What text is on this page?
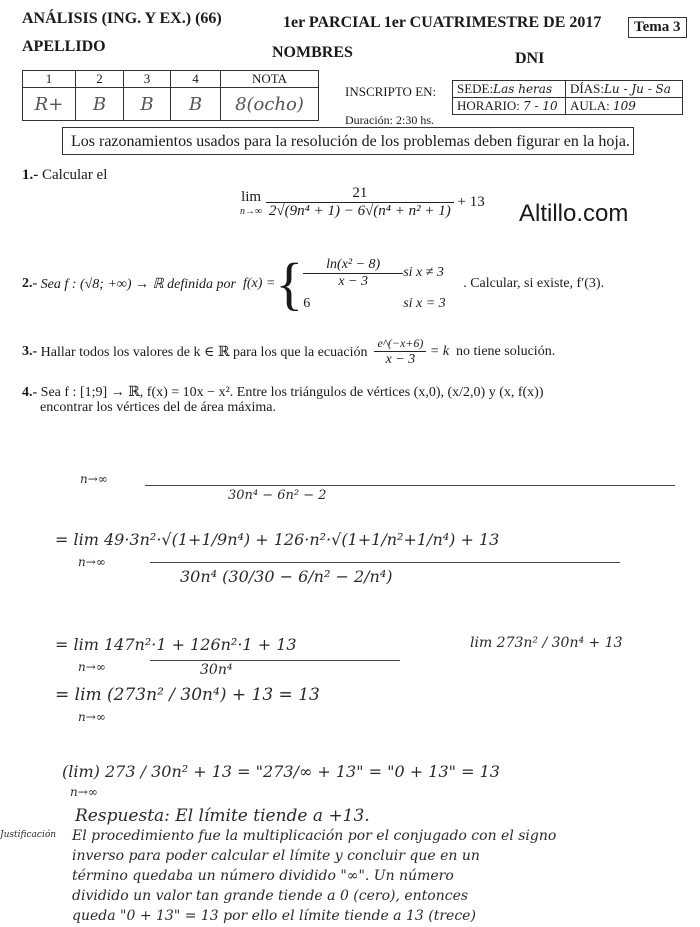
ANÁLISIS (ING. Y EX.) (66)	1er PARCIAL 1er CUATRIMESTRE DE 2017	Tema 3
APELLIDO	NOMBRES	DNI
1	2	3	4	NOTA
R+	B	B	B	8(ocho)
INSCRIPTO EN: SEDE:Las heras	DÍAS:Lu - Ju - Sa
HORARIO: 7 - 10	AULA: 109
Duración: 2:30 hs.
Los razonamientos usados para la resolución de los problemas deben figurar en la hoja.
1.- Calcular el
lim
n→∞
$\frac{21}{\text{2√(9n⁴ + 1) − 6√(n⁴ + n² + 1)}} + 13$ Altillo.com
2.-
Sea f : (√8; +∞) → ℝ definida por
f(x) = { $\frac{\text{ln(x² − 8)}}{x - 3}$ si x ≠ 3
6	si x = 3
. Calcular, si existe, f′(3).
3.-
Hallar todos los valores de k ∈ ℝ para los que la ecuación
$\frac{e\^{}(-x+6)}{x - 3}$
= k
no tiene solución.
4.- Sea f : [1;9] → ℝ, f(x) = 10x − x². Entre los triángulos de vértices (x,0), (x/2,0) y (x, f(x))
encontrar los vértices del de área máxima.
n→∞
30n⁴ − 6n² − 2
= lim 49·3n²·√(1+1/9n⁴) + 126·n²·√(1+1/n²+1/n⁴) + 13
n→∞
30n⁴ (30/30 − 6/n² − 2/n⁴)
= lim 147n²·1 + 126n²·1 + 13	lim 273n² / 30n⁴ + 13
n→∞	30n⁴
= lim (273n² / 30n⁴) + 13 = 13
n→∞
(lim) 273 / 30n² + 13 = "273/∞ + 13" = "0 + 13" = 13
n→∞
Respuesta: El límite tiende a +13.
Justificación El procedimiento fue la multiplicación por el conjugado con el signo
inverso para poder calcular el límite y concluir que en un
término quedaba un número dividido "∞". Un número
dividido un valor tan grande tiende a 0 (cero), entonces
queda "0 + 13" = 13 por ello el límite tiende a 13 (trece)
